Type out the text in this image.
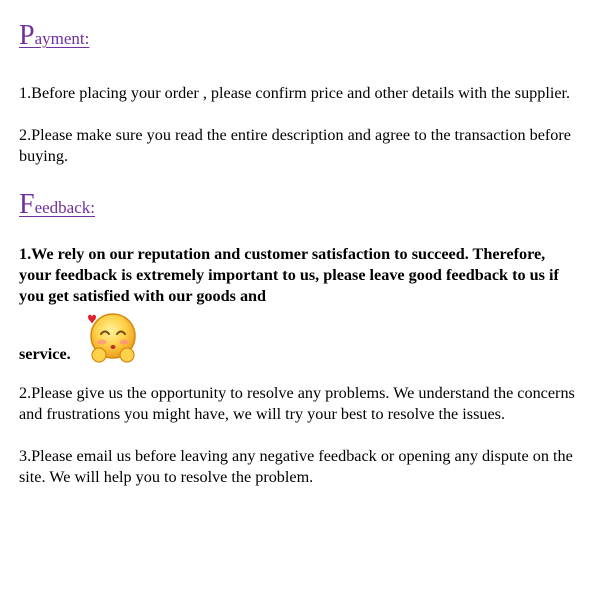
Payment:

1.Before placing your order , please confirm price and other details with the supplier.

2.Please make sure you read the entire description and agree to the transaction before buying.

Feedback:

1.We rely on our reputation and customer satisfaction to succeed. Therefore, your feedback is extremely important to us, please leave good feedback to us if you get satisfied with our goods and

service.

2.Please give us the opportunity to resolve any problems. We understand the concerns and frustrations you might have, we will try your best to resolve the issues.

3.Please email us before leaving any negative feedback or opening any dispute on the site. We will help you to resolve the problem.
